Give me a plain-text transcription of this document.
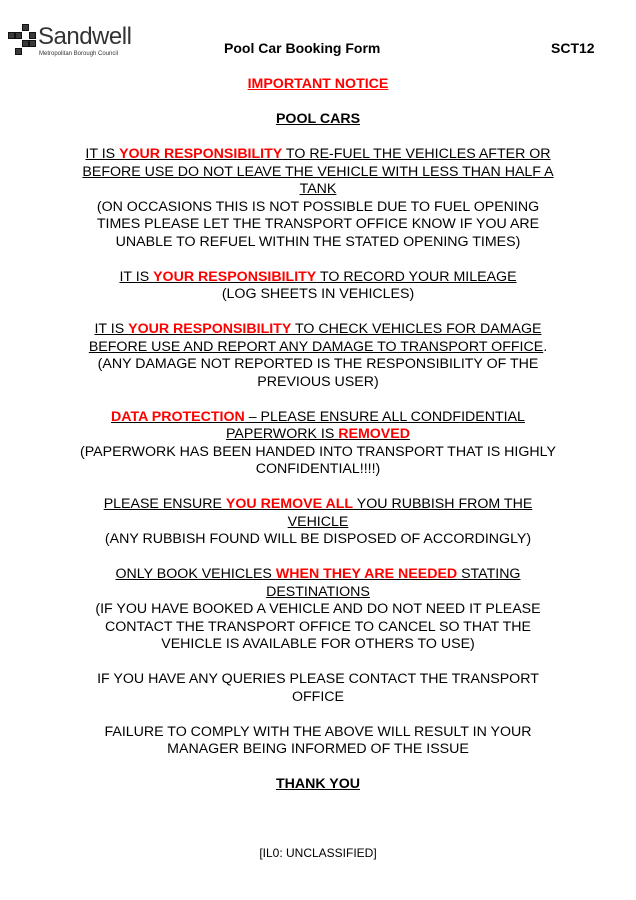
Sandwell
Metropolitan Borough Council	Pool Car Booking Form	SCT12
IMPORTANT NOTICE
POOL CARS
IT IS YOUR RESPONSIBILITY TO RE-FUEL THE VEHICLES AFTER OR BEFORE USE DO NOT LEAVE THE VEHICLE WITH LESS THAN HALF A TANK
(ON OCCASIONS THIS IS NOT POSSIBLE DUE TO FUEL OPENING TIMES PLEASE LET THE TRANSPORT OFFICE KNOW IF YOU ARE UNABLE TO REFUEL WITHIN THE STATED OPENING TIMES)
IT IS YOUR RESPONSIBILITY TO RECORD YOUR MILEAGE
(LOG SHEETS IN VEHICLES)
IT IS YOUR RESPONSIBILITY TO CHECK VEHICLES FOR DAMAGE BEFORE USE AND REPORT ANY DAMAGE TO TRANSPORT OFFICE.
(ANY DAMAGE NOT REPORTED IS THE RESPONSIBILITY OF THE PREVIOUS USER)
DATA PROTECTION – PLEASE ENSURE ALL CONDFIDENTIAL PAPERWORK IS REMOVED
(PAPERWORK HAS BEEN HANDED INTO TRANSPORT THAT IS HIGHLY CONFIDENTIAL!!!!)
PLEASE ENSURE YOU REMOVE ALL YOU RUBBISH FROM THE VEHICLE
(ANY RUBBISH FOUND WILL BE DISPOSED OF ACCORDINGLY)
ONLY BOOK VEHICLES WHEN THEY ARE NEEDED STATING DESTINATIONS
(IF YOU HAVE BOOKED A VEHICLE AND DO NOT NEED IT PLEASE CONTACT THE TRANSPORT OFFICE TO CANCEL SO THAT THE VEHICLE IS AVAILABLE FOR OTHERS TO USE)
IF YOU HAVE ANY QUERIES PLEASE CONTACT THE TRANSPORT OFFICE
FAILURE TO COMPLY WITH THE ABOVE WILL RESULT IN YOUR MANAGER BEING INFORMED OF THE ISSUE
THANK YOU
[IL0: UNCLASSIFIED]
